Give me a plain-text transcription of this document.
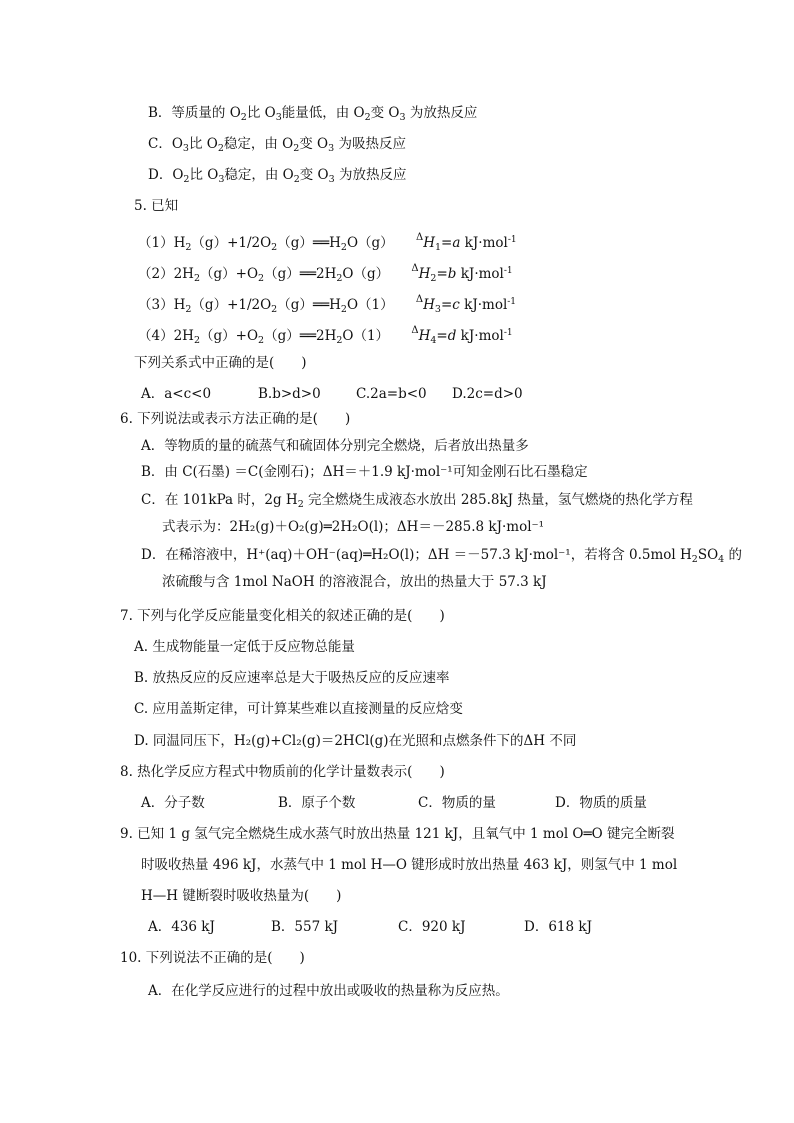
B．等质量的 $O_2$比 $O_3$能量低，由 $O_2$变 $O_3$ 为放热反应
C．$O_3$比 $O_2$稳定，由 $O_2$变 $O_3$ 为吸热反应
D．$O_2$比 $O_3$稳定，由 $O_2$变 $O_3$ 为放热反应
5. 已知
$(1)H_2(g)+1/2O_2(g)══H_2O(g)$ $^\Delta H_1=a$ kJ·mol$^{-1}$
$(2)2H_2(g)+O_2(g)══2H_2O(g)$ $^\Delta H_2=b$ kJ·mol$^{-1}$
$(3)H_2(g)+1/2O_2(g)══H_2O(1)$ $^\Delta H_3=c$ kJ·mol$^{-1}$
$(4)2H_2(g)+O_2(g)══2H_2O(1)$ $^\Delta H_4=d$ kJ·mol$^{-1}$
下列关系式中正确的是(　　)
A．a<c<0	B.b>d>0	C.2a=b<0 D.2c=d>0
6. 下列说法或表示方法正确的是(　　)
A．等物质的量的硫蒸气和硫固体分别完全燃烧，后者放出热量多
B．由 C(石墨) ＝C(金刚石)；ΔH＝＋1.9 kJ·mol⁻¹可知金刚石比石墨稳定
C．在 101kPa 时，2g $H_2$ 完全燃烧生成液态水放出 285.8kJ 热量，氢气燃烧的热化学方程
式表示为：2H₂(g)＋O₂(g)═2H₂O(l)；ΔH＝－285.8 kJ·mol⁻¹
D．在稀溶液中，H⁺(aq)＋OH⁻(aq)═H₂O(l)；ΔH ＝－57.3 kJ·mol⁻¹，若将含 0.5mol $H_2SO_4$ 的
浓硫酸与含 1mol NaOH 的溶液混合，放出的热量大于 57.3 kJ
7. 下列与化学反应能量变化相关的叙述正确的是(　　)
A. 生成物能量一定低于反应物总能量
B. 放热反应的反应速率总是大于吸热反应的反应速率
C. 应用盖斯定律，可计算某些难以直接测量的反应焓变
D. 同温同压下，H₂(g)+Cl₂(g)＝2HCl(g)在光照和点燃条件下的ΔH 不同
8. 热化学反应方程式中物质前的化学计量数表示(　　)
A．分子数	B．原子个数	C．物质的量	D．物质的质量
9. 已知 1 g 氢气完全燃烧生成水蒸气时放出热量 121 kJ，且氧气中 1 mol O═O 键完全断裂
时吸收热量 496 kJ，水蒸气中 1 mol H—O 键形成时放出热量 463 kJ，则氢气中 1 mol
H—H 键断裂时吸收热量为(　　)
A．436 kJ	B．557 kJ	C．920 kJ	D．618 kJ
10. 下列说法不正确的是(　　)
A．在化学反应进行的过程中放出或吸收的热量称为反应热。
